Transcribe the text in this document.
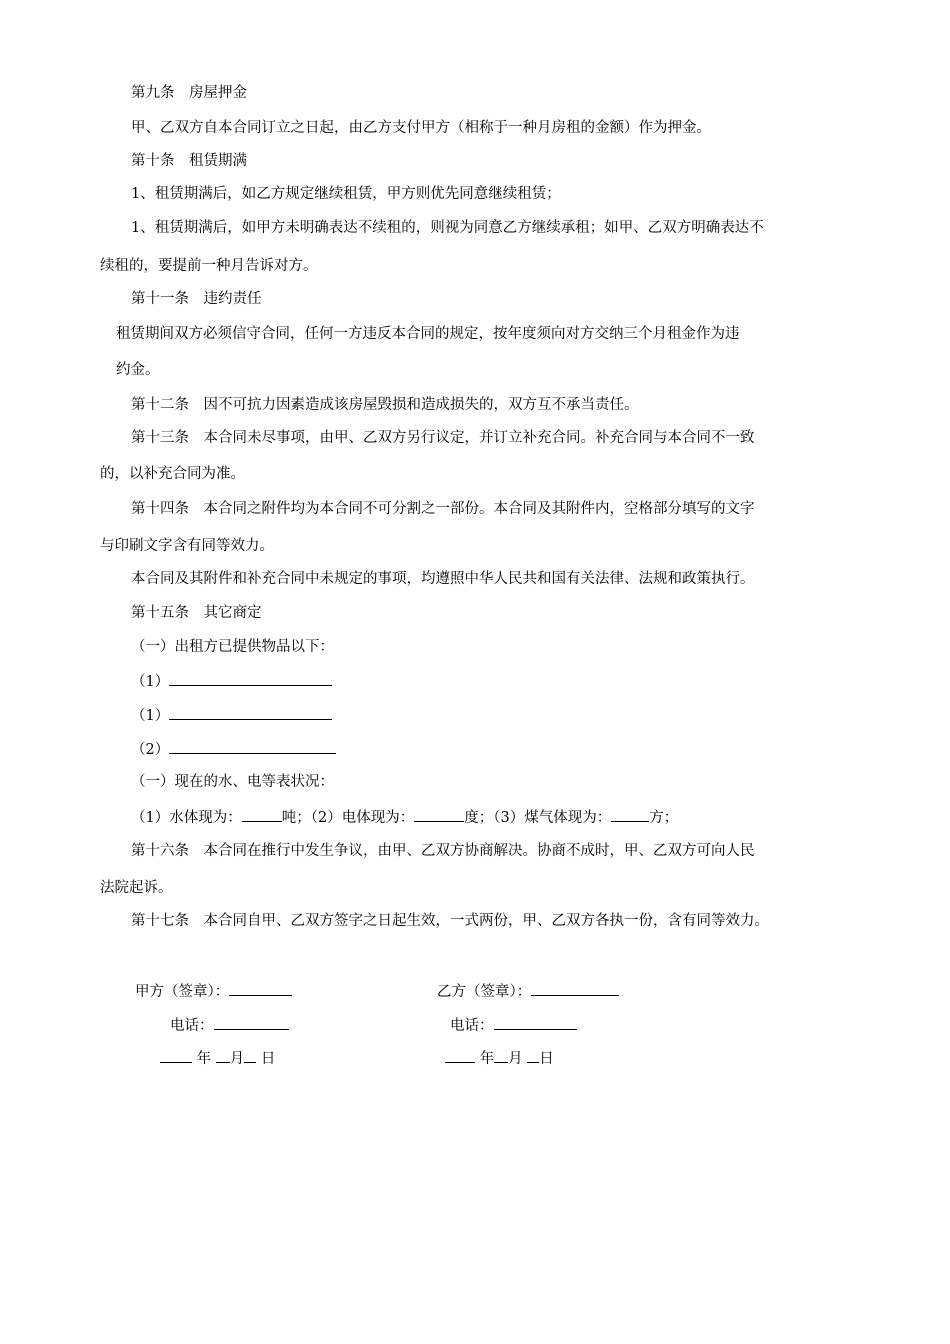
第九条　房屋押金

甲、乙双方自本合同订立之日起，由乙方支付甲方（相称于一种月房租的金额）作为押金。

第十条　租赁期满

1、租赁期满后，如乙方规定继续租赁，甲方则优先同意继续租赁；

1、租赁期满后，如甲方未明确表达不续租的，则视为同意乙方继续承租；如甲、乙双方明确表达不

续租的，要提前一种月告诉对方。

第十一条　违约责任

租赁期间双方必须信守合同，任何一方违反本合同的规定，按年度须向对方交纳三个月租金作为违

约金。

第十二条　因不可抗力因素造成该房屋毁损和造成损失的，双方互不承当责任。

第十三条　本合同未尽事项，由甲、乙双方另行议定，并订立补充合同。补充合同与本合同不一致

的，以补充合同为准。

第十四条　本合同之附件均为本合同不可分割之一部份。本合同及其附件内，空格部分填写的文字

与印刷文字含有同等效力。

本合同及其附件和补充合同中未规定的事项，均遵照中华人民共和国有关法律、法规和政策执行。

第十五条　其它商定

（一）出租方已提供物品以下：

（1）

（1）

（2）

（一）现在的水、电等表状况：

（1）水体现为：	吨；（2）电体现为：	度；（3）煤气体现为：	方；

第十六条　本合同在推行中发生争议，由甲、乙双方协商解决。协商不成时，甲、乙双方可向人民

法院起诉。

第十七条　本合同自甲、乙双方签字之日起生效，一式两份，甲、乙双方各执一份，含有同等效力。

甲方（签章）：	乙方（签章）：

电话：	电话：

年 月 日	年 月 日
